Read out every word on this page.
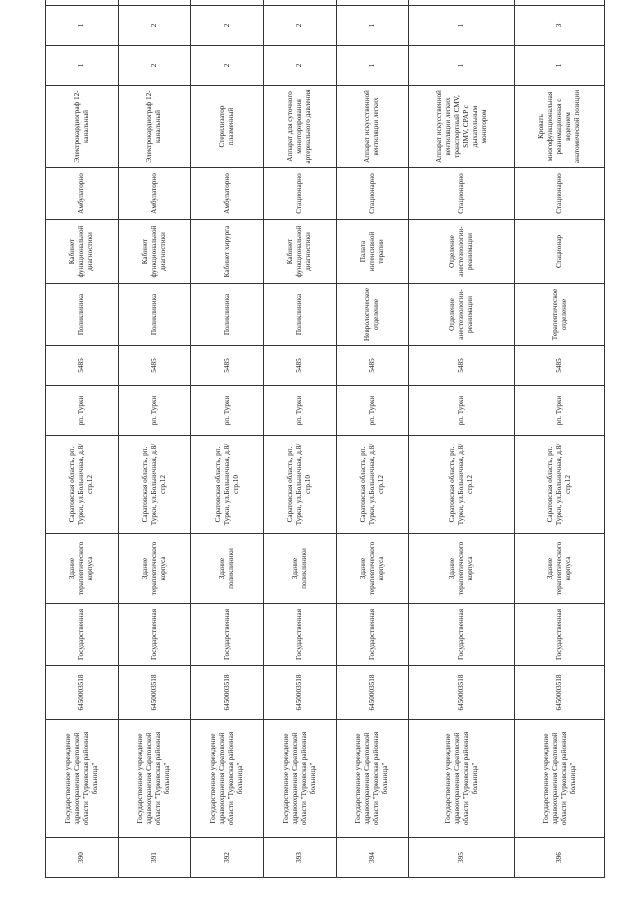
390	Государственное учреждение здравоохранения Саратовской области "Турковская районная больница"	6450003518	Государственная	Здание терапевтического корпуса	Саратовская область, рп. Турки, ул.Больничная, д.8/стр.12	рп. Турки	5485	Поликлиника	Кабинет функциональной диагностики	Амбулаторно	Электрокардиограф 12-канальный	1	1		
391	Государственное учреждение здравоохранения Саратовской области "Турковская районная больница"	6450003518	Государственная	Здание терапевтического корпуса	Саратовская область, рп. Турки, ул.Больничная, д.8/стр.12	рп. Турки	5485	Поликлиника	Кабинет функциональной диагностики	Амбулаторно	Электрокардиограф 12-канальный	2	2		
392	Государственное учреждение здравоохранения Саратовской области "Турковская районная больница"	6450003518	Государственная	Здание поликлиники	Саратовская область, рп. Турки, ул.Больничная, д.8/стр.10	рп. Турки	5485	Поликлиника	Кабинет хирурга	Амбулаторно	Стерилизатор плазменный	2	2		
393	Государственное учреждение здравоохранения Саратовской области "Турковская районная больница"	6450003518	Государственная	Здание поликлиники	Саратовская область, рп. Турки, ул.Больничная, д.8/стр.10	рп. Турки	5485	Поликлиника	Кабинет функциональной диагностики	Стационарно	Аппарат для суточного мониторирования артериального давления	2	2		
394	Государственное учреждение здравоохранения Саратовской области "Турковская районная больница"	6450003518	Государственная	Здание терапевтического корпуса	Саратовская область, рп. Турки, ул.Больничная, д.8/стр.12	рп. Турки	5485	Неврологическое отделение	Палата интенсивной терапии	Стационарно	Аппарат искусственной вентиляции легких	1	1		
395	Государственное учреждение здравоохранения Саратовской области "Турковская районная больница"	6450003518	Государственная	Здание терапевтического корпуса	Саратовская область, рп. Турки, ул.Больничная, д.8/стр.12	рп. Турки	5485	Отделение анестезиологии-реанимации	Отделение анестезиологии-реанимации	Стационарно	Аппарат искусственной вентиляции легких транспортный CMV, SIMV, CPAP с дыхательным монитором	1	1		
396	Государственное учреждение здравоохранения Саратовской области "Турковская районная больница"	6450003518	Государственная	Здание терапевтического корпуса	Саратовская область, рп. Турки, ул.Больничная, д.8/стр.12	рп. Турки	5485	Терапевтическое отделение	Стационар	Стационарно	Кровать многофункциональная реанимационная с ведением анатомической позиции	1	3		
